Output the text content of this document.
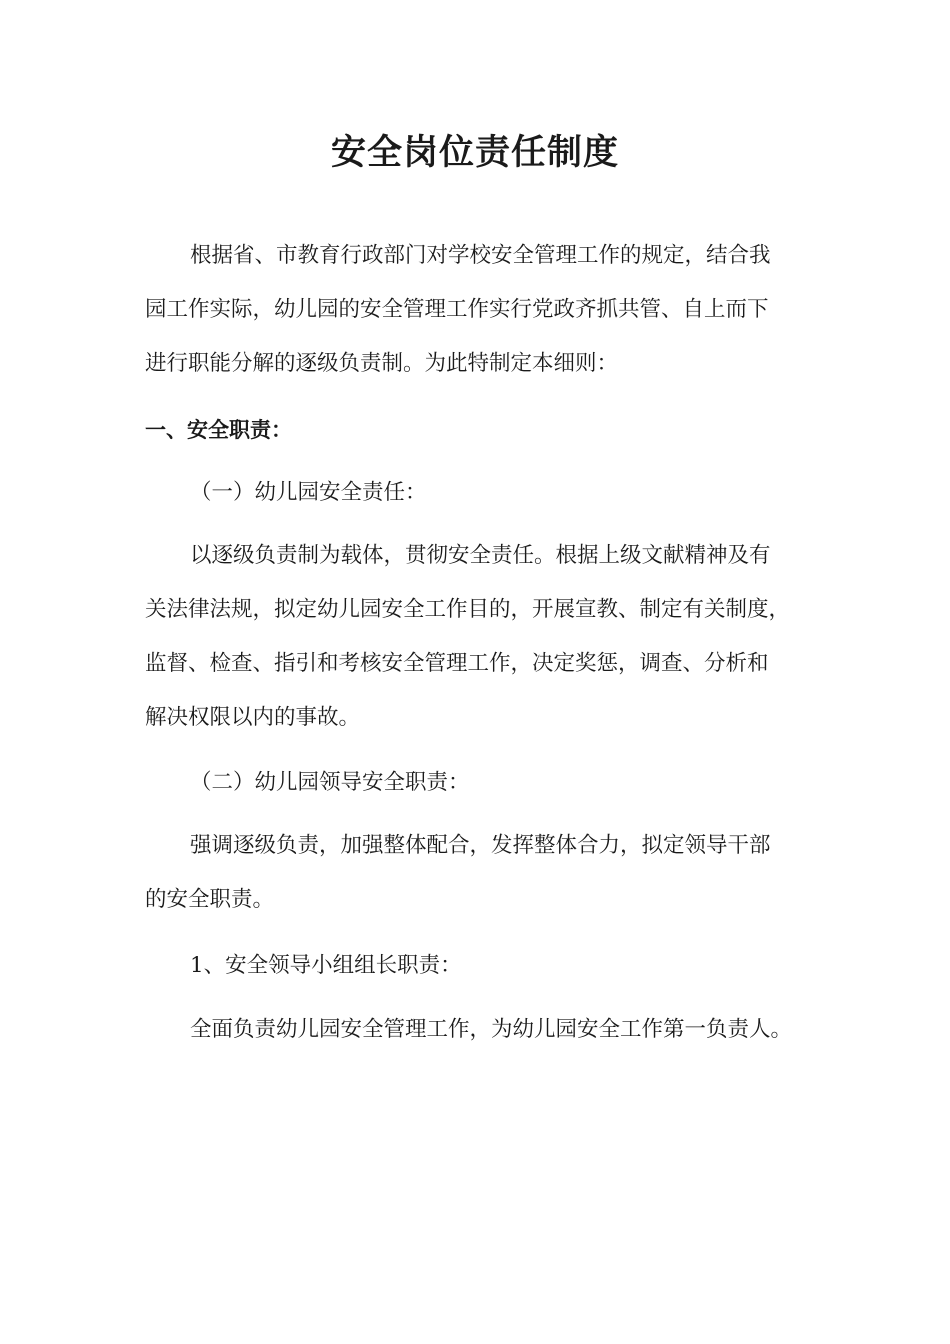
安全岗位责任制度

根据省、市教育行政部门对学校安全管理工作的规定，结合我
园工作实际，幼儿园的安全管理工作实行党政齐抓共管、自上而下
进行职能分解的逐级负责制。为此特制定本细则：

一、安全职责：

（一）幼儿园安全责任：

以逐级负责制为载体，贯彻安全责任。根据上级文献精神及有
关法律法规，拟定幼儿园安全工作目的，开展宣教、制定有关制度，
监督、检查、指引和考核安全管理工作，决定奖惩，调查、分析和
解决权限以内的事故。

（二）幼儿园领导安全职责：

强调逐级负责，加强整体配合，发挥整体合力，拟定领导干部
的安全职责。

1、安全领导小组组长职责：

全面负责幼儿园安全管理工作，为幼儿园安全工作第一负责人。
